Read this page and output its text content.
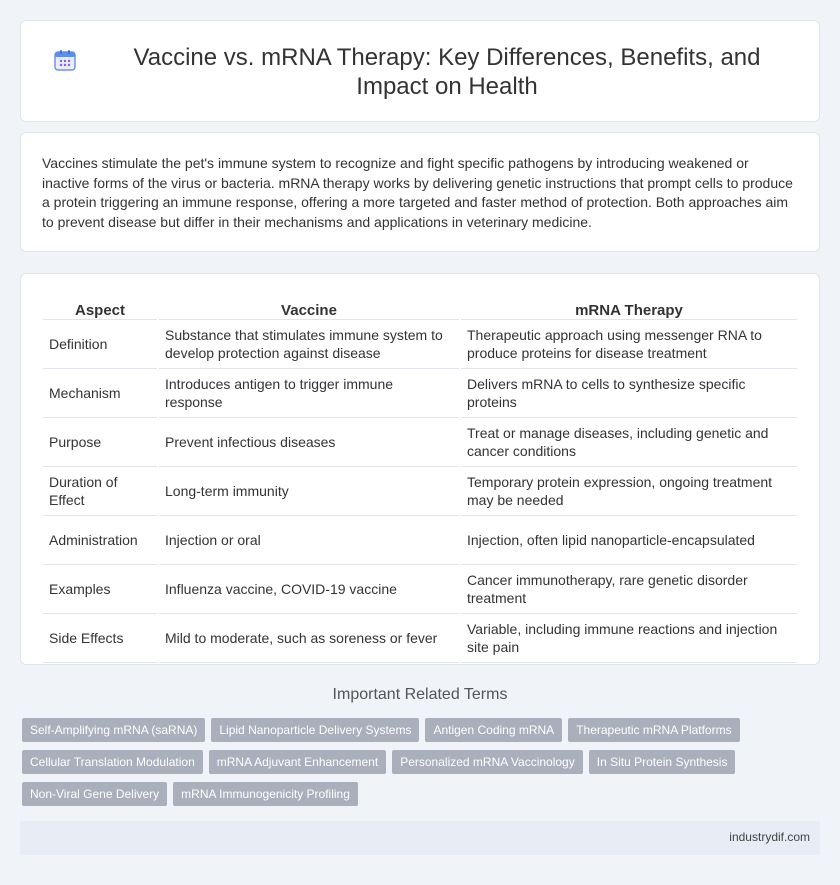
Vaccine vs. mRNA Therapy: Key Differences, Benefits, and Impact on Health

Vaccines stimulate the pet's immune system to recognize and fight specific pathogens by introducing weakened or inactive forms of the virus or bacteria. mRNA therapy works by delivering genetic instructions that prompt cells to produce a protein triggering an immune response, offering a more targeted and faster method of protection. Both approaches aim to prevent disease but differ in their mechanisms and applications in veterinary medicine.

Aspect	Vaccine	mRNA Therapy
Definition	Substance that stimulates immune system to develop protection against disease	Therapeutic approach using messenger RNA to produce proteins for disease treatment
Mechanism	Introduces antigen to trigger immune response	Delivers mRNA to cells to synthesize specific proteins
Purpose	Prevent infectious diseases	Treat or manage diseases, including genetic and cancer conditions
Duration of Effect	Long-term immunity	Temporary protein expression, ongoing treatment may be needed
Administration	Injection or oral	Injection, often lipid nanoparticle-encapsulated
Examples	Influenza vaccine, COVID-19 vaccine	Cancer immunotherapy, rare genetic disorder treatment
Side Effects	Mild to moderate, such as soreness or fever	Variable, including immune reactions and injection site pain
Important Related Terms
Self-Amplifying mRNA (saRNA)	Lipid Nanoparticle Delivery Systems	Antigen Coding mRNA	Therapeutic mRNA Platforms
Cellular Translation Modulation	mRNA Adjuvant Enhancement	Personalized mRNA Vaccinology	In Situ Protein Synthesis
Non-Viral Gene Delivery	mRNA Immunogenicity Profiling
industrydif.com
